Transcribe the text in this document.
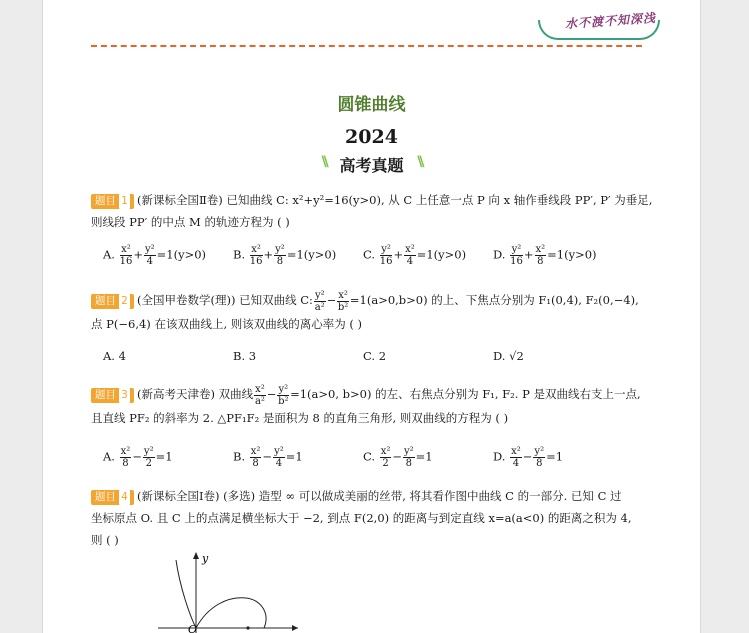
水不渡不知深浅
圆锥曲线
2024
\\ 高考真题 \\
题目 1 (新课标全国Ⅱ卷) 已知曲线 C: x²+y²=16(y>0), 从 C 上任意一点 P 向 x 轴作垂线段 PP′, P′ 为垂足,
则线段 PP′ 的中点 M 的轨迹方程为 ( )
A. $\frac{\text{x²}}{16} + \frac{\text{y²}}{4} =1(y>0)$ B. $\frac{\text{x²}}{16} + \frac{\text{y²}}{8} =1(y>0)$ C. $\frac{\text{y²}}{16} + \frac{\text{x²}}{4} =1(y>0)$ D. $\frac{\text{y²}}{16} + \frac{\text{x²}}{8} =1(y>0)$
题目 2 (全国甲卷数学(理)) 已知双曲线 C: $\frac{\text{y²}}{\text{a²}} - \frac{\text{x²}}{\text{b²}} =1(a>0,b>0)$ 的上、下焦点分别为 F₁(0,4), F₂(0,−4),
点 P(−6,4) 在该双曲线上, 则该双曲线的离心率为 ( )
A. 4	B. 3	C. 2	D. √2
题目 3 (新高考天津卷) 双曲线 $\frac{\text{x²}}{\text{a²}} - \frac{\text{y²}}{\text{b²}} =1(a>0$, b>0) 的左、右焦点分别为 F₁, F₂. P 是双曲线右支上一点,
且直线 PF₂ 的斜率为 2. △PF₁F₂ 是面积为 8 的直角三角形, 则双曲线的方程为 ( )
A. $\frac{\text{x²}}{8} - \frac{\text{y²}}{2} =1$	B. $\frac{\text{x²}}{8} - \frac{\text{y²}}{4} =1$	C. $\frac{\text{x²}}{2} - \frac{\text{y²}}{8} =1$	D. $\frac{\text{x²}}{4} - \frac{\text{y²}}{8} =1$
题目 4 (新课标全国Ⅰ卷) (多选) 造型 ∞ 可以做成美丽的丝带, 将其看作图中曲线 C 的一部分. 已知 C 过
坐标原点 O. 且 C 上的点满足横坐标大于 −2, 到点 F(2,0) 的距离与到定直线 x=a(a<0) 的距离之积为 4,
则 ( )
y
O
